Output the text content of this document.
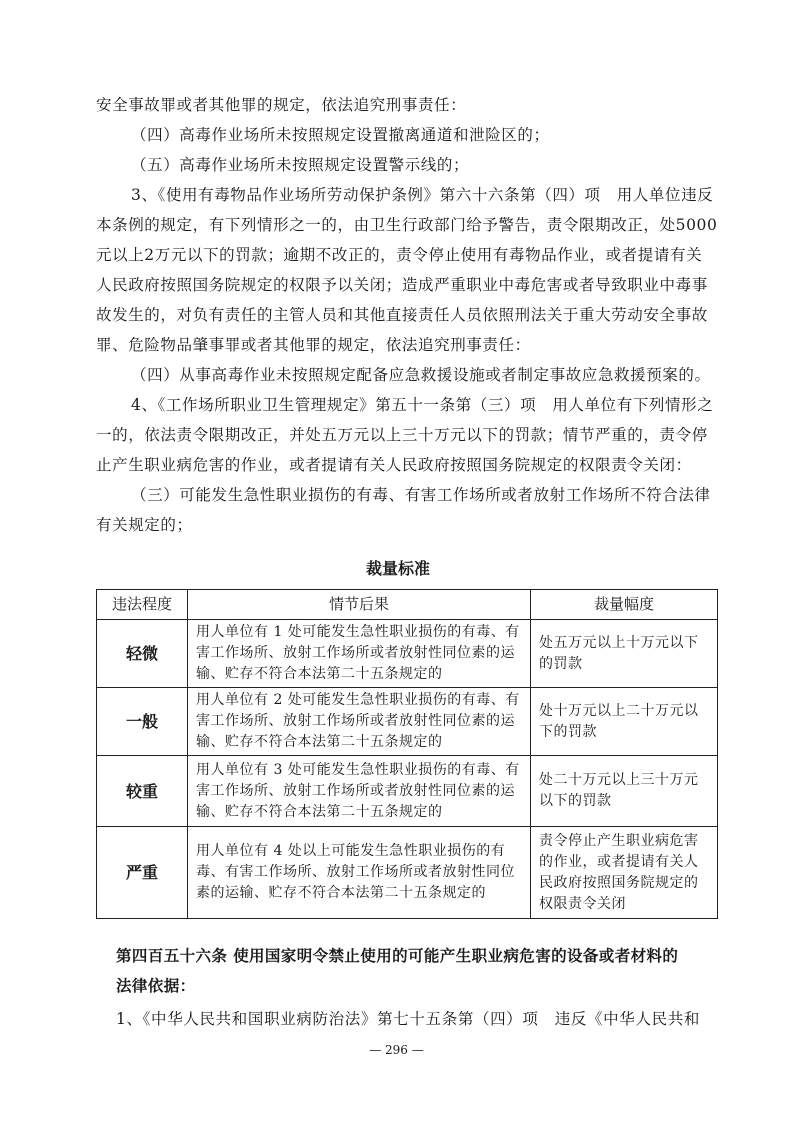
安全事故罪或者其他罪的规定，依法追究刑事责任：
（四）高毒作业场所未按照规定设置撤离通道和泄险区的；
（五）高毒作业场所未按照规定设置警示线的；
3、《使用有毒物品作业场所劳动保护条例》第六十六条第（四）项　用人单位违反
本条例的规定，有下列情形之一的，由卫生行政部门给予警告，责令限期改正，处5000
元以上2万元以下的罚款；逾期不改正的，责令停止使用有毒物品作业，或者提请有关
人民政府按照国务院规定的权限予以关闭；造成严重职业中毒危害或者导致职业中毒事
故发生的，对负有责任的主管人员和其他直接责任人员依照刑法关于重大劳动安全事故
罪、危险物品肇事罪或者其他罪的规定，依法追究刑事责任：
（四）从事高毒作业未按照规定配备应急救援设施或者制定事故应急救援预案的。
4、《工作场所职业卫生管理规定》第五十一条第（三）项　用人单位有下列情形之
一的，依法责令限期改正，并处五万元以上三十万元以下的罚款；情节严重的，责令停
止产生职业病危害的作业，或者提请有关人民政府按照国务院规定的权限责令关闭：
（三）可能发生急性职业损伤的有毒、有害工作场所或者放射工作场所不符合法律
有关规定的；
裁量标准
违法程度	情节后果	裁量幅度
轻微	用人单位有 1 处可能发生急性职业损伤的有毒、有害工作场所、放射工作场所或者放射性同位素的运输、贮存不符合本法第二十五条规定的	处五万元以上十万元以下的罚款
一般	用人单位有 2 处可能发生急性职业损伤的有毒、有害工作场所、放射工作场所或者放射性同位素的运输、贮存不符合本法第二十五条规定的	处十万元以上二十万元以下的罚款
较重	用人单位有 3 处可能发生急性职业损伤的有毒、有害工作场所、放射工作场所或者放射性同位素的运输、贮存不符合本法第二十五条规定的	处二十万元以上三十万元以下的罚款
严重	用人单位有 4 处以上可能发生急性职业损伤的有毒、有害工作场所、放射工作场所或者放射性同位素的运输、贮存不符合本法第二十五条规定的	责令停止产生职业病危害的作业，或者提请有关人民政府按照国务院规定的权限责令关闭
第四百五十六条 使用国家明令禁止使用的可能产生职业病危害的设备或者材料的
法律依据：
1、《中华人民共和国职业病防治法》第七十五条第（四）项　违反《中华人民共和
— 296 —
